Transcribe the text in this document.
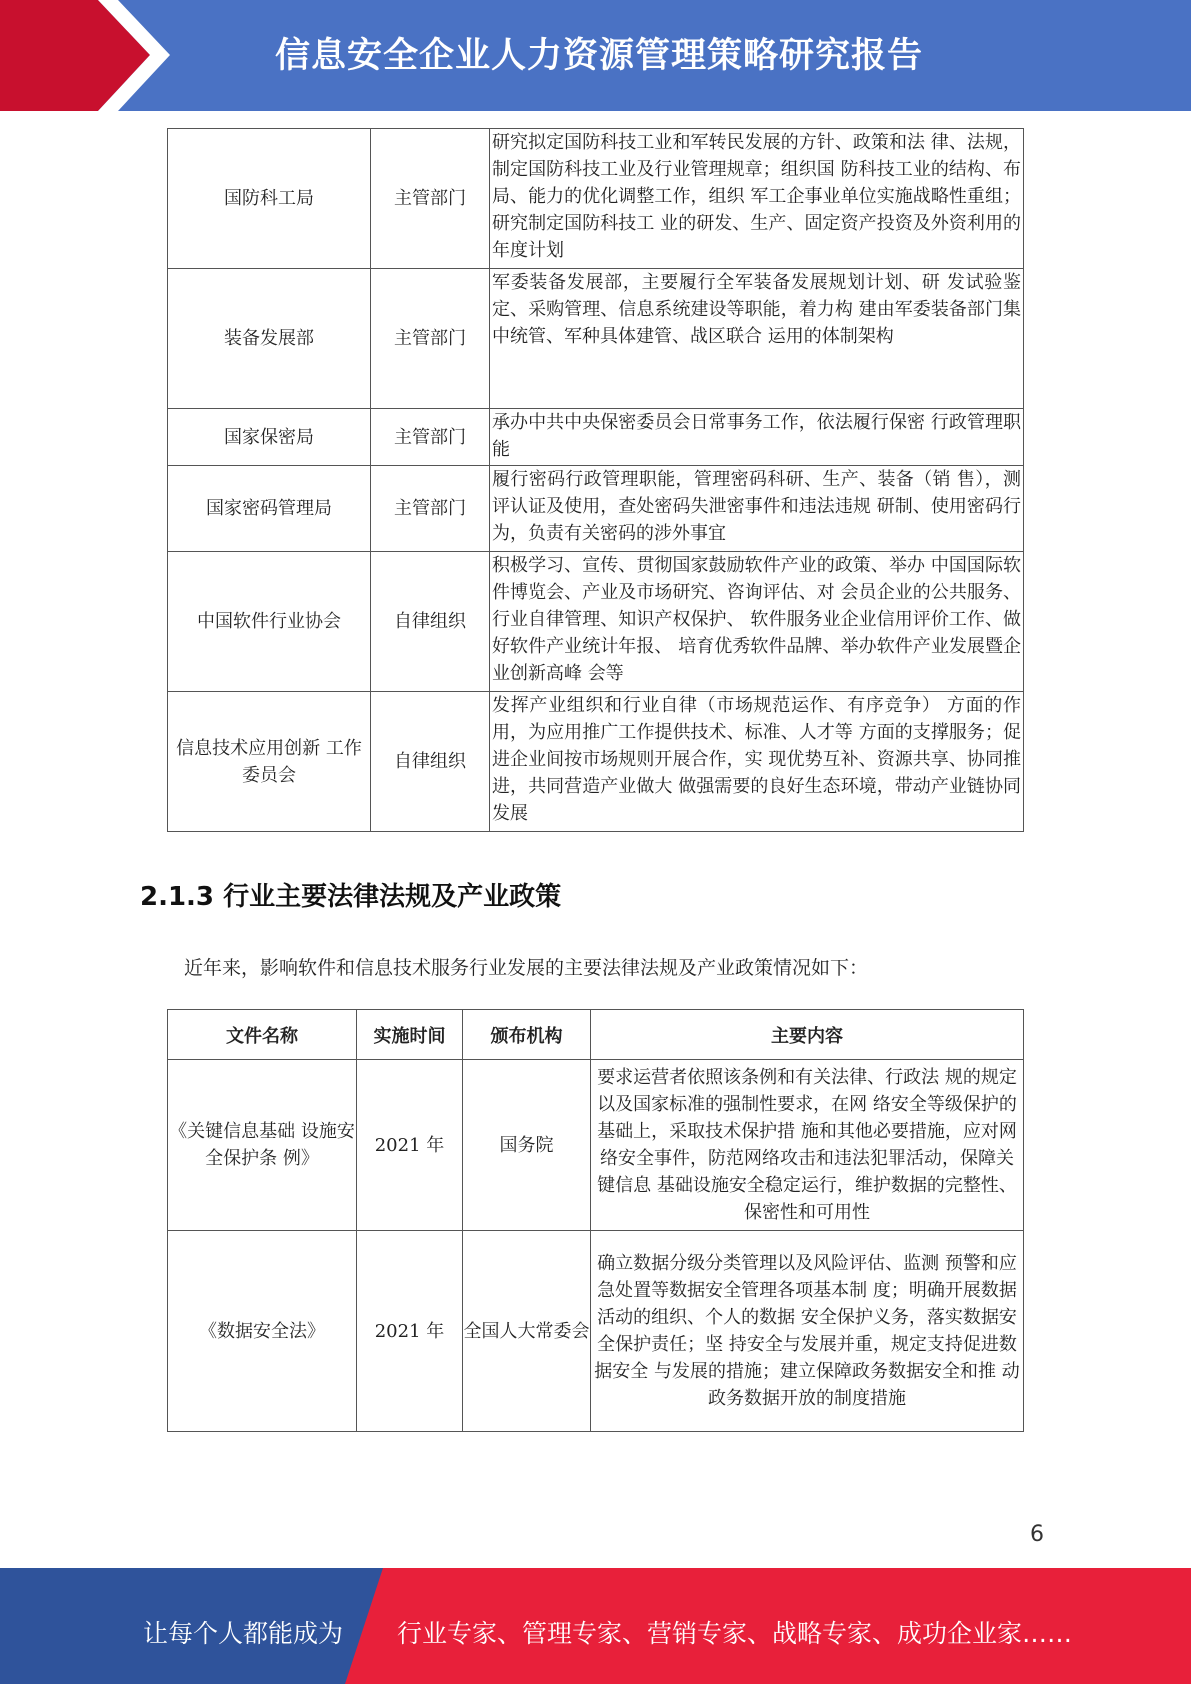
信息安全企业人力资源管理策略研究报告
国防科工局	主管部门	研究拟定国防科技工业和军转民发展的方针、政策和法 律、法规，制定国防科技工业及行业管理规章；组织国 防科技工业的结构、布局、能力的优化调整工作，组织 军工企事业单位实施战略性重组；研究制定国防科技工 业的研发、生产、固定资产投资及外资利用的年度计划
装备发展部	主管部门	军委装备发展部，主要履行全军装备发展规划计划、研 发试验鉴定、采购管理、信息系统建设等职能，着力构 建由军委装备部门集中统管、军种具体建管、战区联合 运用的体制架构
国家保密局	主管部门	承办中共中央保密委员会日常事务工作，依法履行保密 行政管理职能
国家密码管理局	主管部门	履行密码行政管理职能，管理密码科研、生产、装备（销 售），测评认证及使用，查处密码失泄密事件和违法违规 研制、使用密码行为，负责有关密码的涉外事宜
中国软件行业协会	自律组织	积极学习、宣传、贯彻国家鼓励软件产业的政策、举办 中国国际软件博览会、产业及市场研究、咨询评估、对 会员企业的公共服务、行业自律管理、知识产权保护、 软件服务业企业信用评价工作、做好软件产业统计年报、 培育优秀软件品牌、举办软件产业发展暨企业创新高峰 会等
信息技术应用创新 工作委员会	自律组织	发挥产业组织和行业自律（市场规范运作、有序竞争） 方面的作用，为应用推广工作提供技术、标准、人才等 方面的支撑服务；促进企业间按市场规则开展合作，实 现优势互补、资源共享、协同推进，共同营造产业做大 做强需要的良好生态环境，带动产业链协同发展
2.1.3 行业主要法律法规及产业政策
近年来，影响软件和信息技术服务行业发展的主要法律法规及产业政策情况如下：
文件名称	实施时间	颁布机构	主要内容
《关键信息基础 设施安全保护条 例》	2021 年	国务院	要求运营者依照该条例和有关法律、行政法 规的规定以及国家标准的强制性要求，在网 络安全等级保护的基础上，采取技术保护措 施和其他必要措施，应对网络安全事件，防范网络攻击和违法犯罪活动，保障关键信息 基础设施安全稳定运行，维护数据的完整性、 保密性和可用性
《数据安全法》	2021 年	全国人大常委会	确立数据分级分类管理以及风险评估、监测 预警和应急处置等数据安全管理各项基本制 度；明确开展数据活动的组织、个人的数据 安全保护义务，落实数据安全保护责任；坚 持安全与发展并重，规定支持促进数据安全 与发展的措施；建立保障政务数据安全和推 动政务数据开放的制度措施
6
让每个人都能成为 行业专家、管理专家、营销专家、战略专家、成功企业家……
